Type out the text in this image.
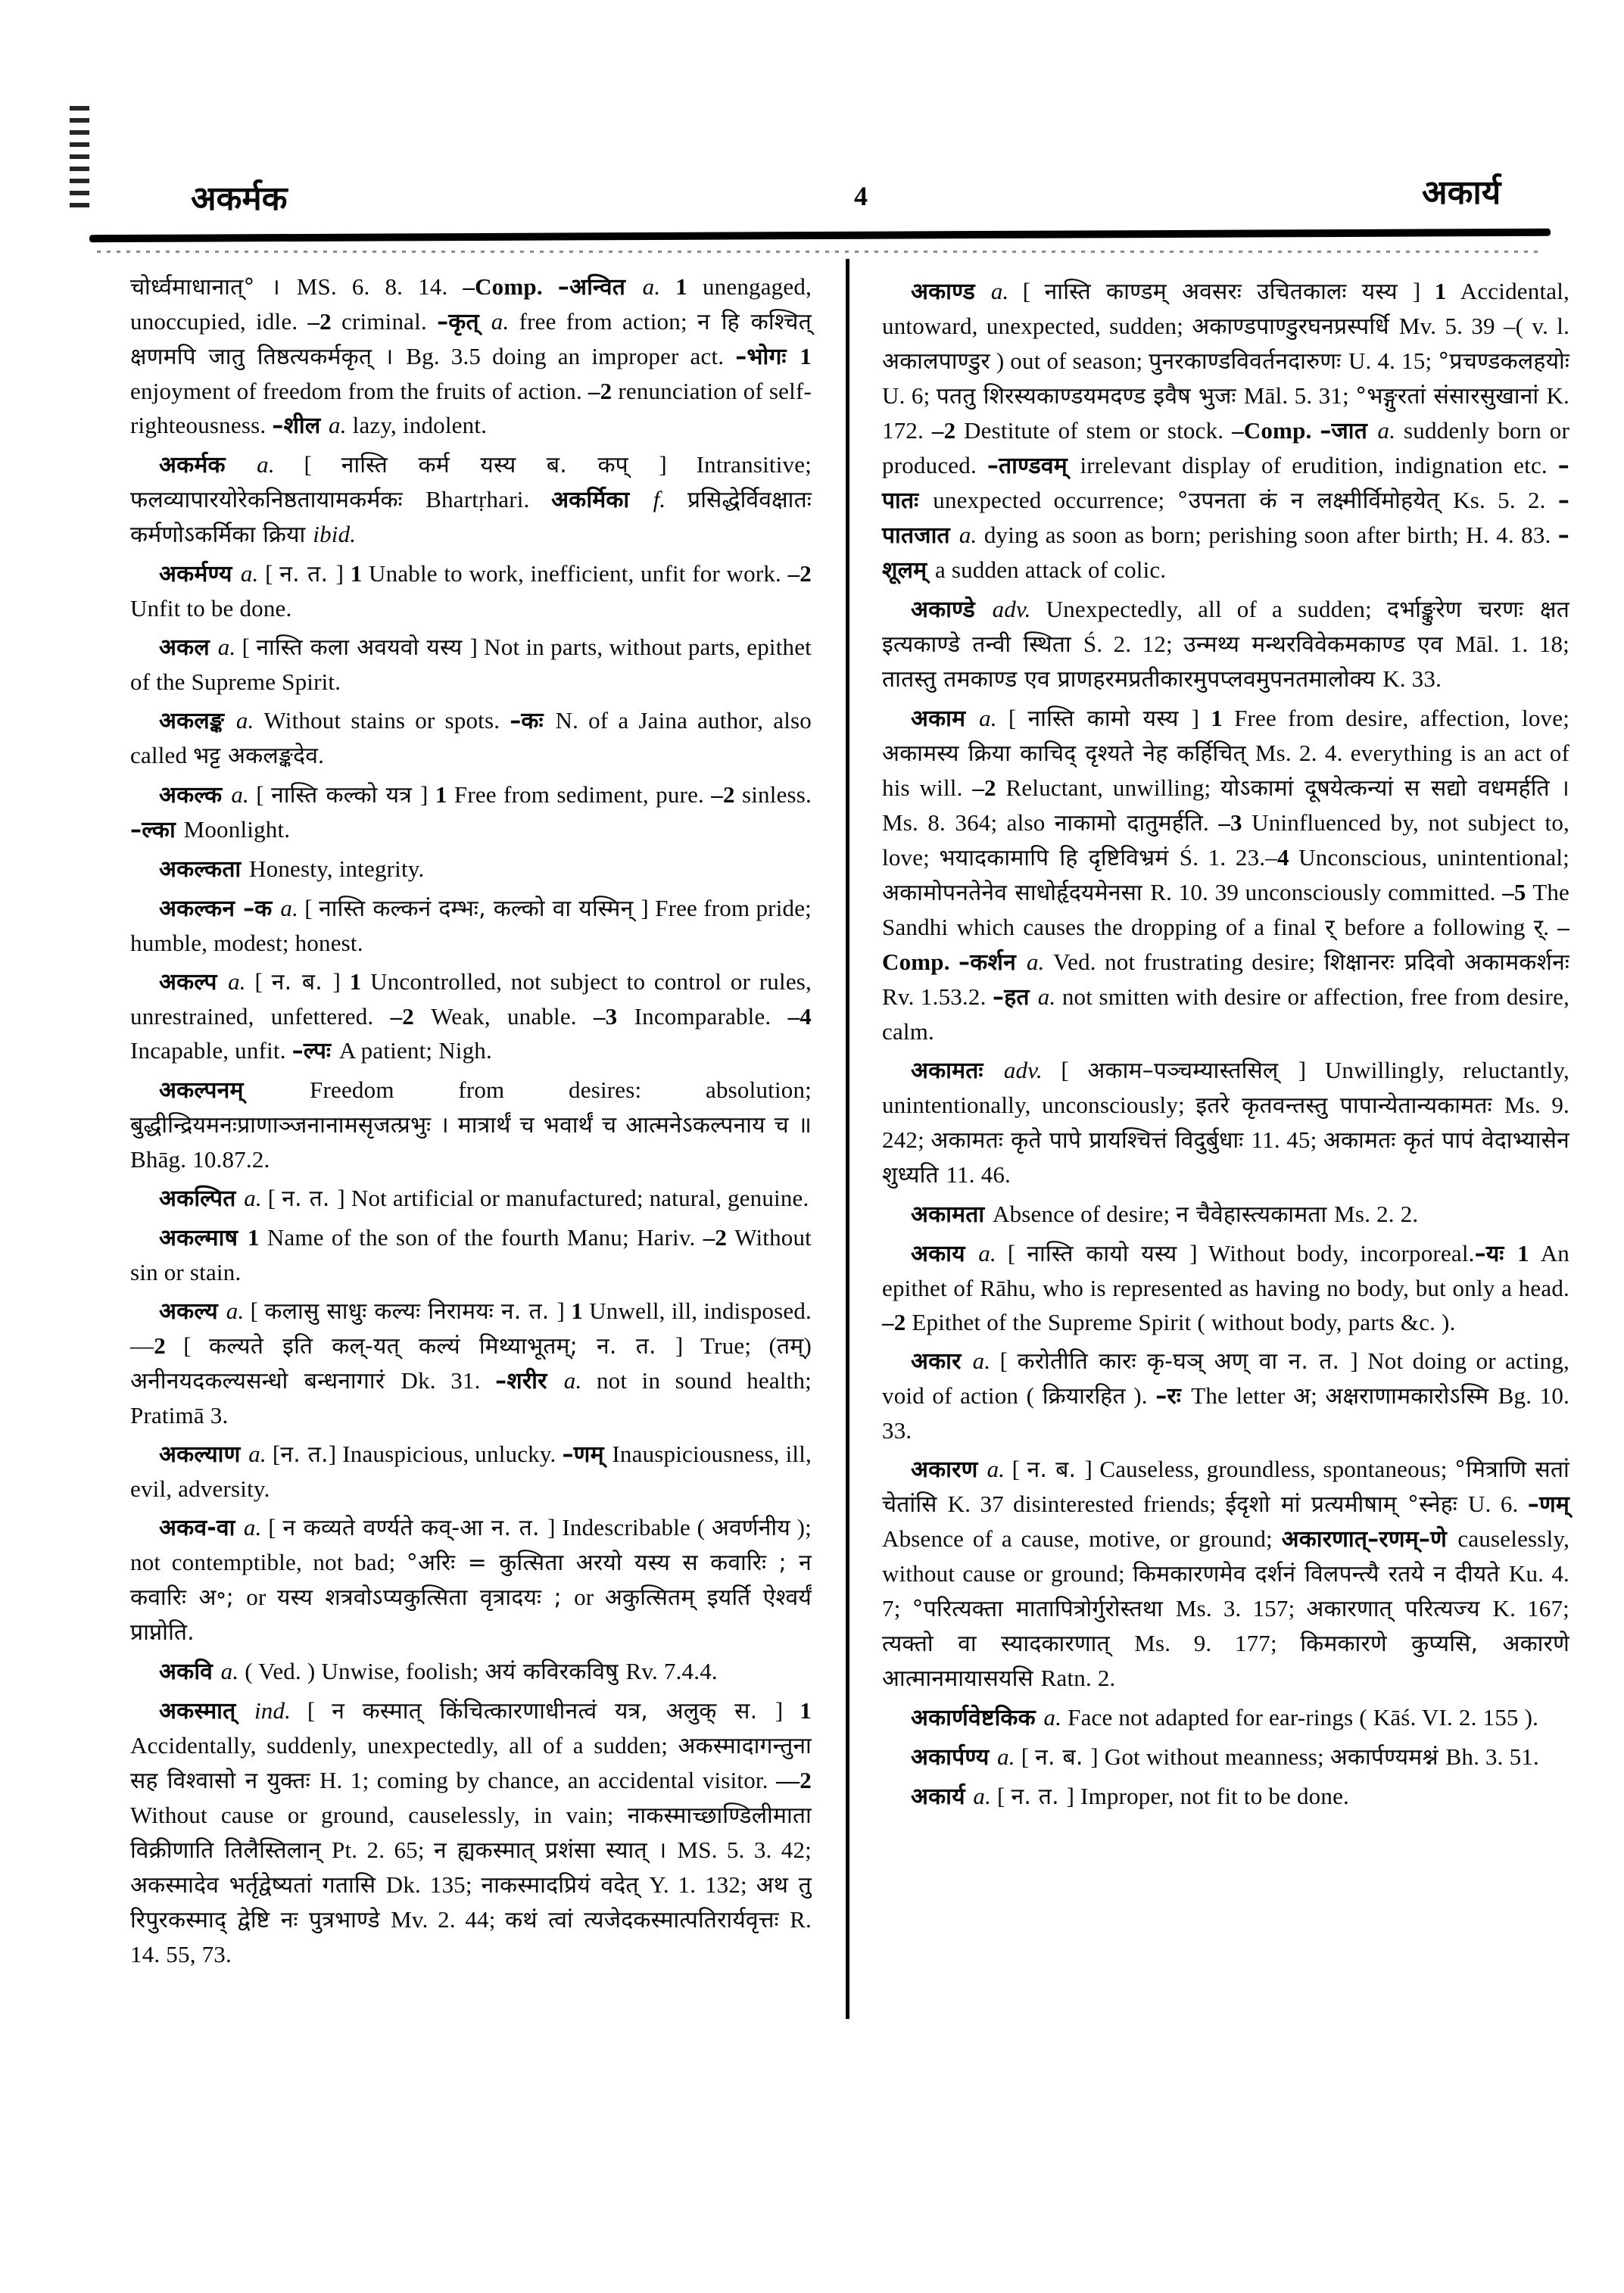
अकर्मक	4	अकार्य

चोर्ध्वमाधानात्° । MS. 6. 8. 14. –Comp. –अन्वित a. 1 unengaged, unoccupied, idle. –2 criminal. –कृत् a. free from action; न हि कश्चित् क्षणमपि जातु तिष्ठत्यकर्मकृत् । Bg. 3.5 doing an improper act. –भोगः 1 enjoyment of freedom from the fruits of action. –2 renunciation of self-righteousness. –शील a. lazy, indolent.

अकर्मक a. [ नास्ति कर्म यस्य ब. कप् ] Intransitive; फलव्यापारयोरेकनिष्ठतायामकर्मकः Bhartṛhari. अकर्मिका f. प्रसिद्धेर्विवक्षातः कर्मणोऽकर्मिका क्रिया ibid.

अकर्मण्य a. [ न. त. ] 1 Unable to work, inefficient, unfit for work. –2 Unfit to be done.

अकल a. [ नास्ति कला अवयवो यस्य ] Not in parts, without parts, epithet of the Supreme Spirit.

अकलङ्क a. Without stains or spots. –कः N. of a Jaina author, also called भट्ट अकलङ्कदेव.

अकल्क a. [ नास्ति कल्को यत्र ] 1 Free from sediment, pure. –2 sinless. –ल्का Moonlight.

अकल्कता Honesty, integrity.

अकल्कन –क a. [ नास्ति कल्कनं दम्भः, कल्को वा यस्मिन् ] Free from pride; humble, modest; honest.

अकल्प a. [ न. ब. ] 1 Uncontrolled, not subject to control or rules, unrestrained, unfettered. –2 Weak, unable. –3 Incomparable. –4 Incapable, unfit. –ल्पः A patient; Nigh.

अकल्पनम् Freedom from desires: absolution; बुद्धीन्द्रियमनःप्राणाञ्जनानामसृजत्प्रभुः । मात्रार्थं च भवार्थं च आत्मनेऽकल्पनाय च ॥ Bhāg. 10.87.2.

अकल्पित a. [ न. त. ] Not artificial or manufactured; natural, genuine.

अकल्माष 1 Name of the son of the fourth Manu; Hariv. –2 Without sin or stain.

अकल्य a. [ कलासु साधुः कल्यः निरामयः न. त. ] 1 Unwell, ill, indisposed.—2 [ कल्यते इति कल्-यत् कल्यं मिथ्याभूतम्; न. त. ] True; (तम्) अनीनयदकल्यसन्धो बन्धनागारं Dk. 31. –शरीर a. not in sound health; Pratimā 3.

अकल्याण a. [न. त.] Inauspicious, unlucky. –णम् Inauspiciousness, ill, evil, adversity.

अकव-वा a. [ न कव्यते वर्ण्यते कव्-आ न. त. ] Indescribable ( अवर्णनीय ); not contemptible, not bad; °अरिः = कुत्सिता अरयो यस्य स कवारिः ; न कवारिः अ॰; or यस्य शत्रवोऽप्यकुत्सिता वृत्रादयः ; or अकुत्सितम् इयर्ति ऐश्वर्यं प्राप्नोति.

अकवि a. ( Ved. ) Unwise, foolish; अयं कविरकविषु Rv. 7.4.4.

अकस्मात् ind. [ न कस्मात् किंचित्कारणाधीनत्वं यत्र, अलुक् स. ] 1 Accidentally, suddenly, unexpectedly, all of a sudden; अकस्मादागन्तुना सह विश्वासो न युक्तः H. 1; coming by chance, an accidental visitor. —2 Without cause or ground, causelessly, in vain; नाकस्माच्छाण्डिलीमाता विक्रीणाति तिलैस्तिलान् Pt. 2. 65; न ह्यकस्मात् प्रशंसा स्यात् । MS. 5. 3. 42; अकस्मादेव भर्तृद्वेष्यतां गतासि Dk. 135; नाकस्मादप्रियं वदेत् Y. 1. 132; अथ तु रिपुरकस्माद् द्वेष्टि नः पुत्रभाण्डे Mv. 2. 44; कथं त्वां त्यजेदकस्मात्पतिरार्यवृत्तः R. 14. 55, 73.

अकाण्ड a. [ नास्ति काण्डम् अवसरः उचितकालः यस्य ] 1 Accidental, untoward, unexpected, sudden; अकाण्डपाण्डुरघनप्रस्पर्धि Mv. 5. 39 –( v. l. अकालपाण्डुर ) out of season; पुनरकाण्डविवर्तनदारुणः U. 4. 15; °प्रचण्डकलहयोः U. 6; पततु शिरस्यकाण्डयमदण्ड इवैष भुजः Māl. 5. 31; °भङ्गुरतां संसारसुखानां K. 172. –2 Destitute of stem or stock. –Comp. –जात a. suddenly born or produced. –ताण्डवम् irrelevant display of erudition, indignation etc. –पातः unexpected occurrence; °उपनता कं न लक्ष्मीर्विमोहयेत् Ks. 5. 2. –पातजात a. dying as soon as born; perishing soon after birth; H. 4. 83. –शूलम् a sudden attack of colic.

अकाण्डे adv. Unexpectedly, all of a sudden; दर्भाङ्कुरेण चरणः क्षत इत्यकाण्डे तन्वी स्थिता Ś. 2. 12; उन्मथ्य मन्थरविवेकमकाण्ड एव Māl. 1. 18; तातस्तु तमकाण्ड एव प्राणहरमप्रतीकारमुपप्लवमुपनतमालोक्य K. 33.

अकाम a. [ नास्ति कामो यस्य ] 1 Free from desire, affection, love; अकामस्य क्रिया काचिद् दृश्यते नेह कर्हिचित् Ms. 2. 4. everything is an act of his will. –2 Reluctant, unwilling; योऽकामां दूषयेत्कन्यां स सद्यो वधमर्हति । Ms. 8. 364; also नाकामो दातुमर्हति. –3 Uninfluenced by, not subject to, love; भयादकामापि हि दृष्टिविभ्रमं Ś. 1. 23.–4 Unconscious, unintentional; अकामोपनतेनेव साधोर्हृदयमेनसा R. 10. 39 unconsciously committed. –5 The Sandhi which causes the dropping of a final र् before a following र्. –Comp. –कर्शन a. Ved. not frustrating desire; शिक्षानरः प्रदिवो अकामकर्शनः Rv. 1.53.2. –हत a. not smitten with desire or affection, free from desire, calm.

अकामतः adv. [ अकाम–पञ्चम्यास्तसिल् ] Unwillingly, reluctantly, unintentionally, unconsciously; इतरे कृतवन्तस्तु पापान्येतान्यकामतः Ms. 9. 242; अकामतः कृते पापे प्रायश्चित्तं विदुर्बुधाः 11. 45; अकामतः कृतं पापं वेदाभ्यासेन शुध्यति 11. 46.

अकामता Absence of desire; न चैवेहास्त्यकामता Ms. 2. 2.

अकाय a. [ नास्ति कायो यस्य ] Without body, incorporeal.–यः 1 An epithet of Rāhu, who is represented as having no body, but only a head. –2 Epithet of the Supreme Spirit ( without body, parts &c. ).

अकार a. [ करोतीति कारः कृ-घञ् अण् वा न. त. ] Not doing or acting, void of action ( क्रियारहित ). –रः The letter अ; अक्षराणामकारोऽस्मि Bg. 10. 33.

अकारण a. [ न. ब. ] Causeless, groundless, spontaneous; °मित्राणि सतां चेतांसि K. 37 disinterested friends; ईदृशो मां प्रत्यमीषाम् °स्नेहः U. 6. –णम् Absence of a cause, motive, or ground; अकारणात्–रणम्–णे causelessly, without cause or ground; किमकारणमेव दर्शनं विलपन्त्यै रतये न दीयते Ku. 4. 7; °परित्यक्ता मातापित्रोर्गुरोस्तथा Ms. 3. 157; अकारणात् परित्यज्य K. 167; त्यक्तो वा स्यादकारणात् Ms. 9. 177; किमकारणे कुप्यसि, अकारणे आत्मानमायासयसि Ratn. 2.

अकार्णवेष्टकिक a. Face not adapted for ear-rings ( Kāś. VI. 2. 155 ).

अकार्पण्य a. [ न. ब. ] Got without meanness; अकार्पण्यमश्नं Bh. 3. 51.

अकार्य a. [ न. त. ] Improper, not fit to be done.
